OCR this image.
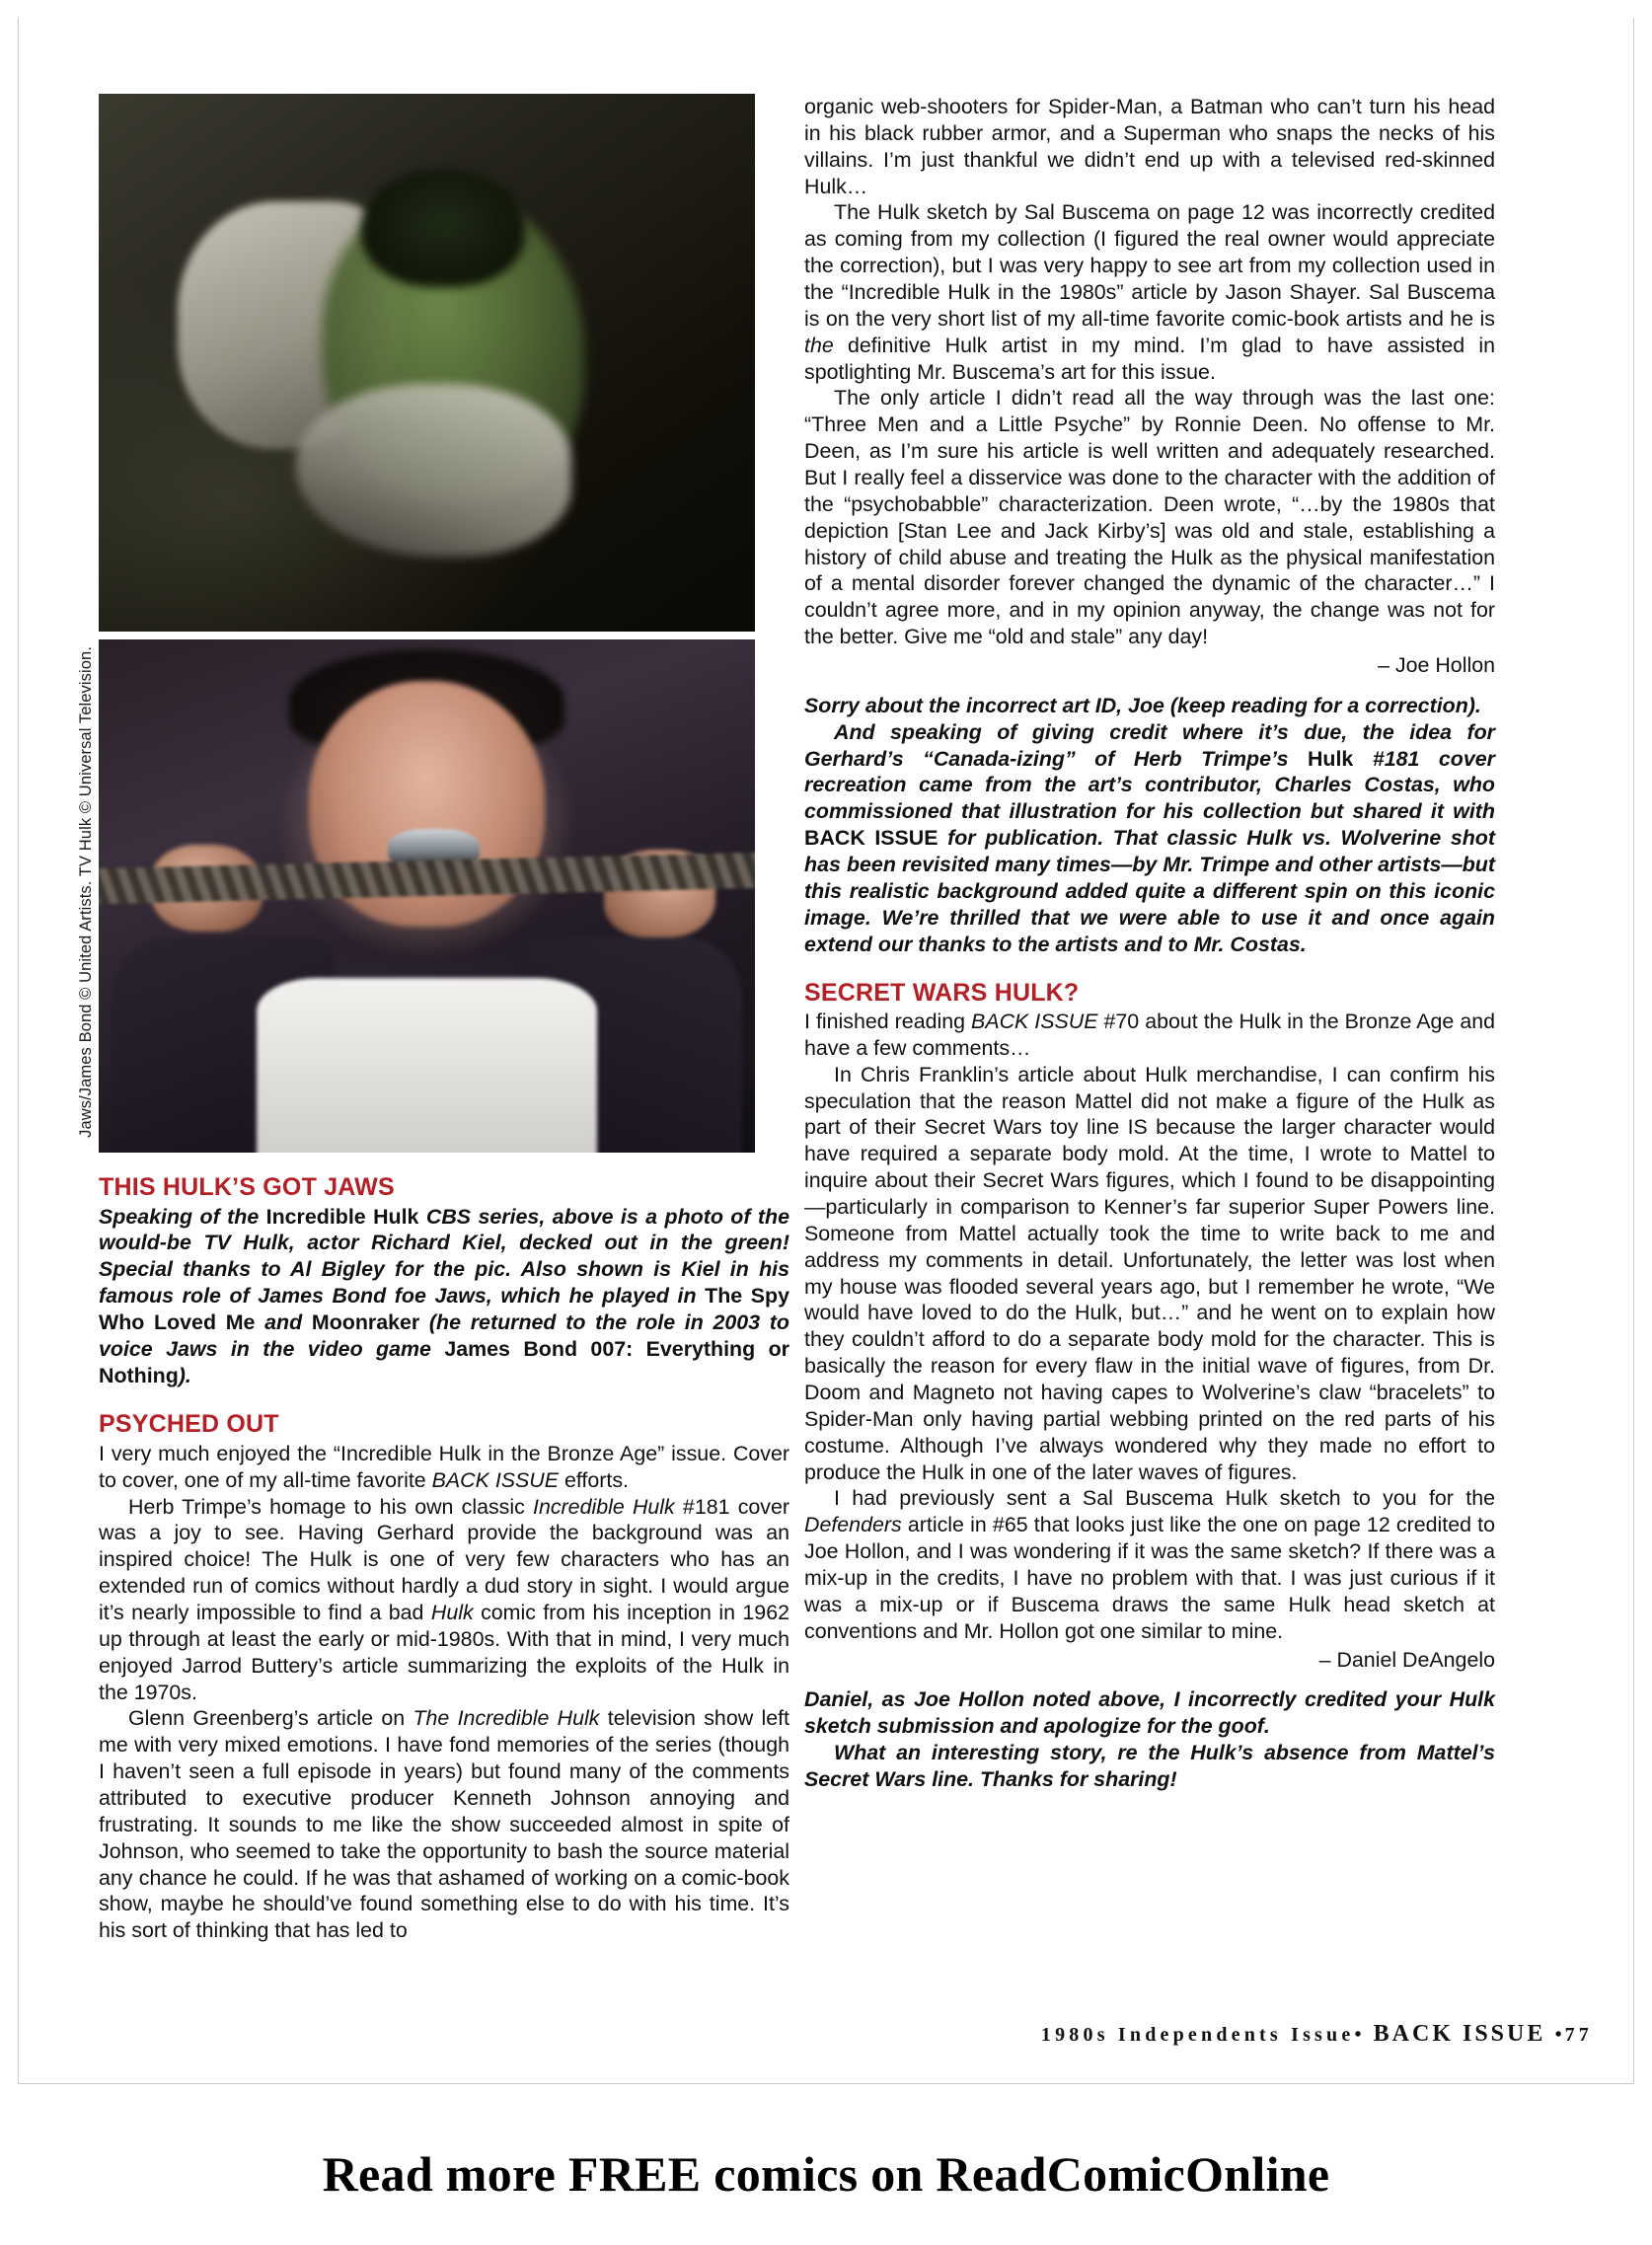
THIS HULK’S GOT JAWS

Speaking of the Incredible Hulk CBS series, above is a photo of the would-be TV Hulk, actor Richard Kiel, decked out in the green! Special thanks to Al Bigley for the pic. Also shown is Kiel in his famous role of James Bond foe Jaws, which he played in The Spy Who Loved Me and Moonraker (he returned to the role in 2003 to voice Jaws in the video game James Bond 007: Everything or Nothing).

PSYCHED OUT

I very much enjoyed the “Incredible Hulk in the Bronze Age” issue. Cover to cover, one of my all-time favorite BACK ISSUE efforts.

Herb Trimpe’s homage to his own classic Incredible Hulk #181 cover was a joy to see. Having Gerhard provide the background was an inspired choice! The Hulk is one of very few characters who has an extended run of comics without hardly a dud story in sight. I would argue it’s nearly impossible to find a bad Hulk comic from his inception in 1962 up through at least the early or mid-1980s. With that in mind, I very much enjoyed Jarrod Buttery’s article summarizing the exploits of the Hulk in the 1970s.

Glenn Greenberg’s article on The Incredible Hulk television show left me with very mixed emotions. I have fond memories of the series (though I haven’t seen a full episode in years) but found many of the comments attributed to executive producer Kenneth Johnson annoying and frustrating. It sounds to me like the show succeeded almost in spite of Johnson, who seemed to take the opportunity to bash the source material any chance he could. If he was that ashamed of working on a comic-book show, maybe he should’ve found something else to do with his time. It’s his sort of thinking that has led to

Jaws/James Bond © United Artists. TV Hulk © Universal Television.

organic web-shooters for Spider-Man, a Batman who can’t turn his head in his black rubber armor, and a Superman who snaps the necks of his villains. I’m just thankful we didn’t end up with a televised red-skinned Hulk…

The Hulk sketch by Sal Buscema on page 12 was incorrectly credited as coming from my collection (I figured the real owner would appreciate the correction), but I was very happy to see art from my collection used in the “Incredible Hulk in the 1980s” article by Jason Shayer. Sal Buscema is on the very short list of my all-time favorite comic-book artists and he is the definitive Hulk artist in my mind. I’m glad to have assisted in spotlighting Mr. Buscema’s art for this issue.

The only article I didn’t read all the way through was the last one: “Three Men and a Little Psyche” by Ronnie Deen. No offense to Mr. Deen, as I’m sure his article is well written and adequately researched. But I really feel a disservice was done to the character with the addition of the “psychobabble” characterization. Deen wrote, “…by the 1980s that depiction [Stan Lee and Jack Kirby’s] was old and stale, establishing a history of child abuse and treating the Hulk as the physical manifestation of a mental disorder forever changed the dynamic of the character…” I couldn’t agree more, and in my opinion anyway, the change was not for the better. Give me “old and stale” any day!

– Joe Hollon

Sorry about the incorrect art ID, Joe (keep reading for a correction).

And speaking of giving credit where it’s due, the idea for Gerhard’s “Canada-izing” of Herb Trimpe’s Hulk #181 cover recreation came from the art’s contributor, Charles Costas, who commissioned that illustration for his collection but shared it with BACK ISSUE for publication. That classic Hulk vs. Wolverine shot has been revisited many times—by Mr. Trimpe and other artists—but this realistic background added quite a different spin on this iconic image. We’re thrilled that we were able to use it and once again extend our thanks to the artists and to Mr. Costas.

SECRET WARS HULK?

I finished reading BACK ISSUE #70 about the Hulk in the Bronze Age and have a few comments…

In Chris Franklin’s article about Hulk merchandise, I can confirm his speculation that the reason Mattel did not make a figure of the Hulk as part of their Secret Wars toy line IS because the larger character would have required a separate body mold. At the time, I wrote to Mattel to inquire about their Secret Wars figures, which I found to be disappointing—particularly in comparison to Kenner’s far superior Super Powers line. Someone from Mattel actually took the time to write back to me and address my comments in detail. Unfortunately, the letter was lost when my house was flooded several years ago, but I remember he wrote, “We would have loved to do the Hulk, but…” and he went on to explain how they couldn’t afford to do a separate body mold for the character. This is basically the reason for every flaw in the initial wave of figures, from Dr. Doom and Magneto not having capes to Wolverine’s claw “bracelets” to Spider-Man only having partial webbing printed on the red parts of his costume. Although I’ve always wondered why they made no effort to produce the Hulk in one of the later waves of figures.

I had previously sent a Sal Buscema Hulk sketch to you for the Defenders article in #65 that looks just like the one on page 12 credited to Joe Hollon, and I was wondering if it was the same sketch? If there was a mix-up in the credits, I have no problem with that. I was just curious if it was a mix-up or if Buscema draws the same Hulk head sketch at conventions and Mr. Hollon got one similar to mine.

– Daniel DeAngelo

Daniel, as Joe Hollon noted above, I incorrectly credited your Hulk sketch submission and apologize for the goof.

What an interesting story, re the Hulk’s absence from Mattel’s Secret Wars line. Thanks for sharing!

1980s Independents Issue• BACK ISSUE •77
Read more FREE comics on ReadComicOnline
